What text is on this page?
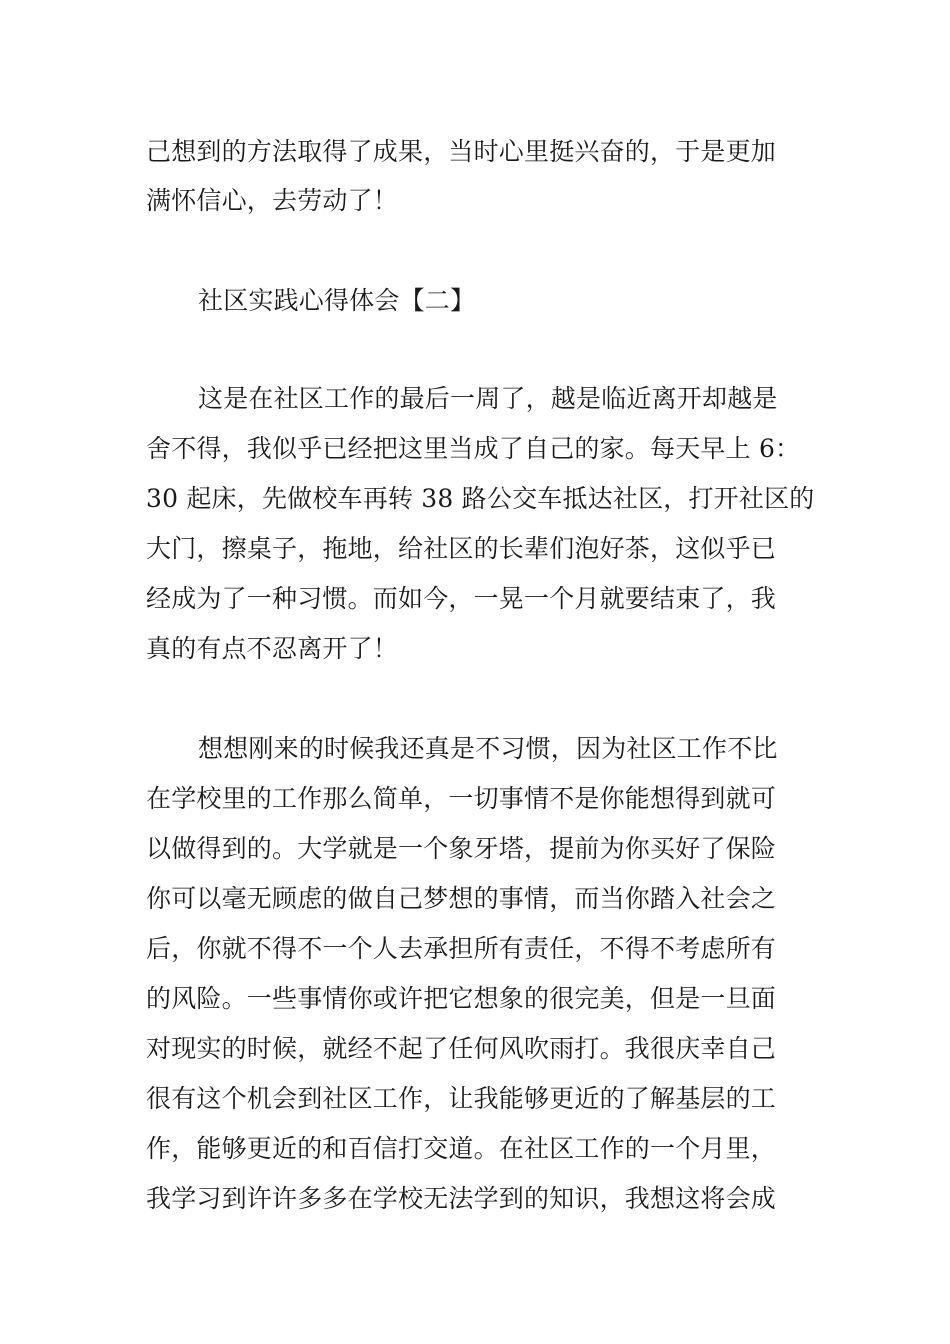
己想到的方法取得了成果，当时心里挺兴奋的，于是更加
满怀信心，去劳动了！
社区实践心得体会【二】
这是在社区工作的最后一周了，越是临近离开却越是
舍不得，我似乎已经把这里当成了自己的家。每天早上 6：
30 起床，先做校车再转 38 路公交车抵达社区，打开社区的
大门，擦桌子，拖地，给社区的长辈们泡好茶，这似乎已
经成为了一种习惯。而如今，一晃一个月就要结束了，我
真的有点不忍离开了！
想想刚来的时候我还真是不习惯，因为社区工作不比
在学校里的工作那么简单，一切事情不是你能想得到就可
以做得到的。大学就是一个象牙塔，提前为你买好了保险
你可以毫无顾虑的做自己梦想的事情，而当你踏入社会之
后，你就不得不一个人去承担所有责任，不得不考虑所有
的风险。一些事情你或许把它想象的很完美，但是一旦面
对现实的时候，就经不起了任何风吹雨打。我很庆幸自己
很有这个机会到社区工作，让我能够更近的了解基层的工
作，能够更近的和百信打交道。在社区工作的一个月里，
我学习到许许多多在学校无法学到的知识，我想这将会成
